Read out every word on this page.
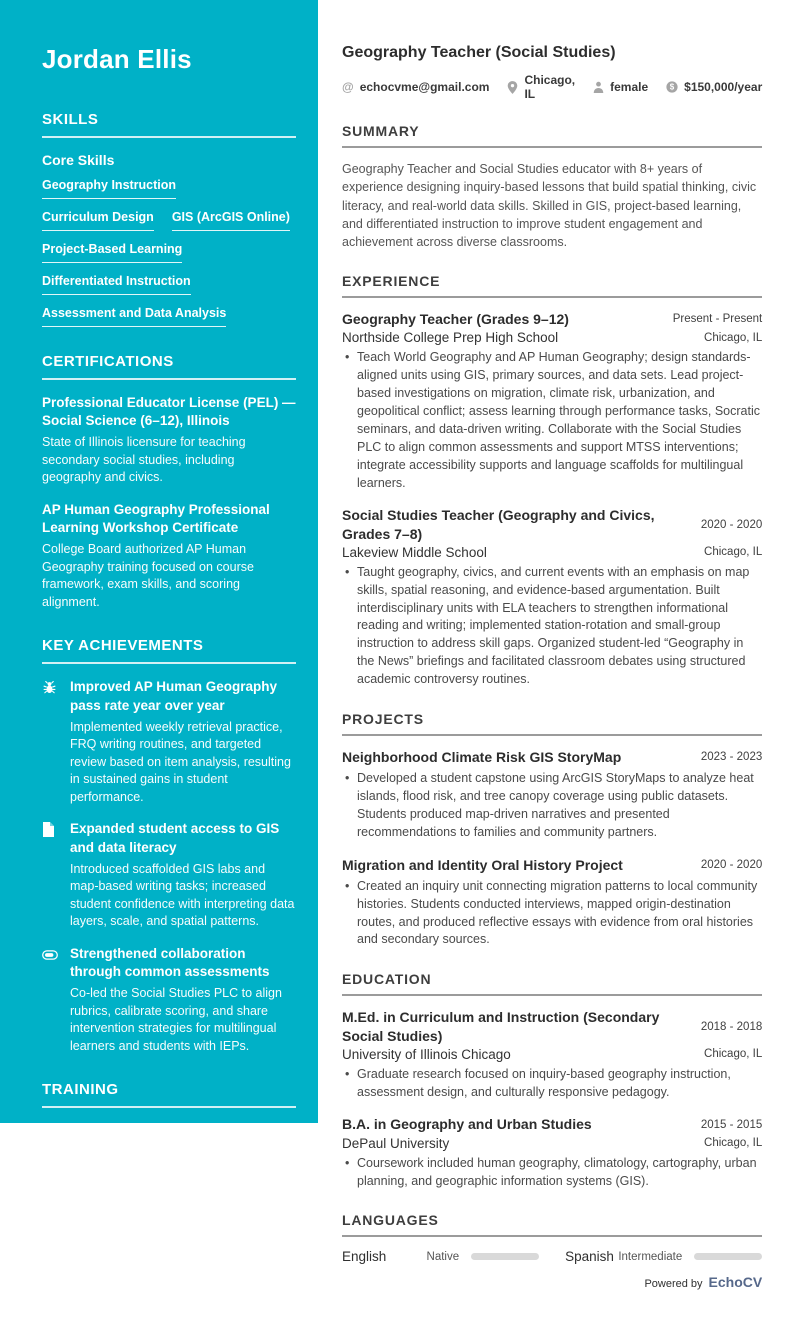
Jordan Ellis
SKILLS
Core Skills
Geography Instruction
Curriculum Design GIS (ArcGIS Online)
Project-Based Learning
Differentiated Instruction
Assessment and Data Analysis
CERTIFICATIONS
Professional Educator License (PEL) — Social Science (6–12), Illinois
State of Illinois licensure for teaching secondary social studies, including geography and civics.
AP Human Geography Professional Learning Workshop Certificate
College Board authorized AP Human Geography training focused on course framework, exam skills, and scoring alignment.
KEY ACHIEVEMENTS
Improved AP Human Geography pass rate year over year
Implemented weekly retrieval practice, FRQ writing routines, and targeted review based on item analysis, resulting in sustained gains in student performance.
Expanded student access to GIS and data literacy
Introduced scaffolded GIS labs and map-based writing tasks; increased student confidence with interpreting data layers, scale, and spatial patterns.
Strengthened collaboration through common assessments
Co-led the Social Studies PLC to align rubrics, calibrate scoring, and share intervention strategies for multilingual learners and students with IEPs.
TRAINING
GIS for Educators: Mapping and Spatial Analysis in the Classroom
Hands-on training using ArcGIS Online, StoryMaps, and data layers to support inquiry-based geography instruction.
Restorative Practices for Secondary Classrooms
Training on restorative circles, relationship-centered classroom management, and conflict resolution routines.
Geography Teacher (Social Studies)
@ echocvme@gmail.com	Chicago, IL	female	$ $150,000/year
SUMMARY

Geography Teacher and Social Studies educator with 8+ years of experience designing inquiry-based lessons that build spatial thinking, civic literacy, and real-world data skills. Skilled in GIS, project-based learning, and differentiated instruction to improve student engagement and achievement across diverse classrooms.

EXPERIENCE
Geography Teacher (Grades 9–12)	Present - Present
Northside College Prep High School	Chicago, IL
• Teach World Geography and AP Human Geography; design standards-aligned units using GIS, primary sources, and data sets. Lead project-based investigations on migration, climate risk, urbanization, and geopolitical conflict; assess learning through performance tasks, Socratic seminars, and data-driven writing. Collaborate with the Social Studies PLC to align common assessments and support MTSS interventions; integrate accessibility supports and language scaffolds for multilingual learners.
Social Studies Teacher (Geography and Civics, Grades 7–8)
2020 - 2020
Lakeview Middle School	Chicago, IL
• Taught geography, civics, and current events with an emphasis on map skills, spatial reasoning, and evidence-based argumentation. Built interdisciplinary units with ELA teachers to strengthen informational reading and writing; implemented station-rotation and small-group instruction to address skill gaps. Organized student-led “Geography in the News” briefings and facilitated classroom debates using structured academic controversy routines.
PROJECTS
Neighborhood Climate Risk GIS StoryMap	2023 - 2023
• Developed a student capstone using ArcGIS StoryMaps to analyze heat islands, flood risk, and tree canopy coverage using public datasets. Students produced map-driven narratives and presented recommendations to families and community partners.
Migration and Identity Oral History Project	2020 - 2020
• Created an inquiry unit connecting migration patterns to local community histories. Students conducted interviews, mapped origin-destination routes, and produced reflective essays with evidence from oral histories and secondary sources.
EDUCATION
M.Ed. in Curriculum and Instruction (Secondary Social Studies)
2018 - 2018
University of Illinois Chicago	Chicago, IL
• Graduate research focused on inquiry-based geography instruction, assessment design, and culturally responsive pedagogy.
B.A. in Geography and Urban Studies	2015 - 2015
DePaul University	Chicago, IL
• Coursework included human geography, climatology, cartography, urban planning, and geographic information systems (GIS).
LANGUAGES
English	Native	Spanish Intermediate
Powered by EchoCV
